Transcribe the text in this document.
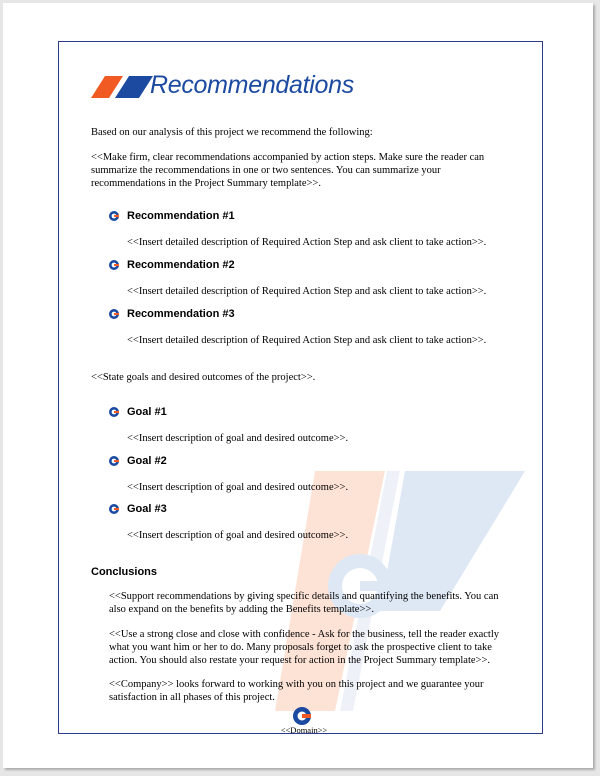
Recommendations
Based on our analysis of this project we recommend the following:
<<Make firm, clear recommendations accompanied by action steps. Make sure the reader can
summarize the recommendations in one or two sentences. You can summarize your
recommendations in the Project Summary template>>.
Recommendation #1
<<Insert detailed description of Required Action Step and ask client to take action>>.
Recommendation #2
<<Insert detailed description of Required Action Step and ask client to take action>>.
Recommendation #3
<<Insert detailed description of Required Action Step and ask client to take action>>.
<<State goals and desired outcomes of the project>>.
Goal #1
<<Insert description of goal and desired outcome>>.
Goal #2
<<Insert description of goal and desired outcome>>.
Goal #3
<<Insert description of goal and desired outcome>>.
Conclusions
<<Support recommendations by giving specific details and quantifying the benefits. You can
also expand on the benefits by adding the Benefits template>>.
<<Use a strong close and close with confidence - Ask for the business, tell the reader exactly
what you want him or her to do. Many proposals forget to ask the prospective client to take
action. You should also restate your request for action in the Project Summary template>>.
<<Company>> looks forward to working with you on this project and we guarantee your
satisfaction in all phases of this project.
<<Domain>>
